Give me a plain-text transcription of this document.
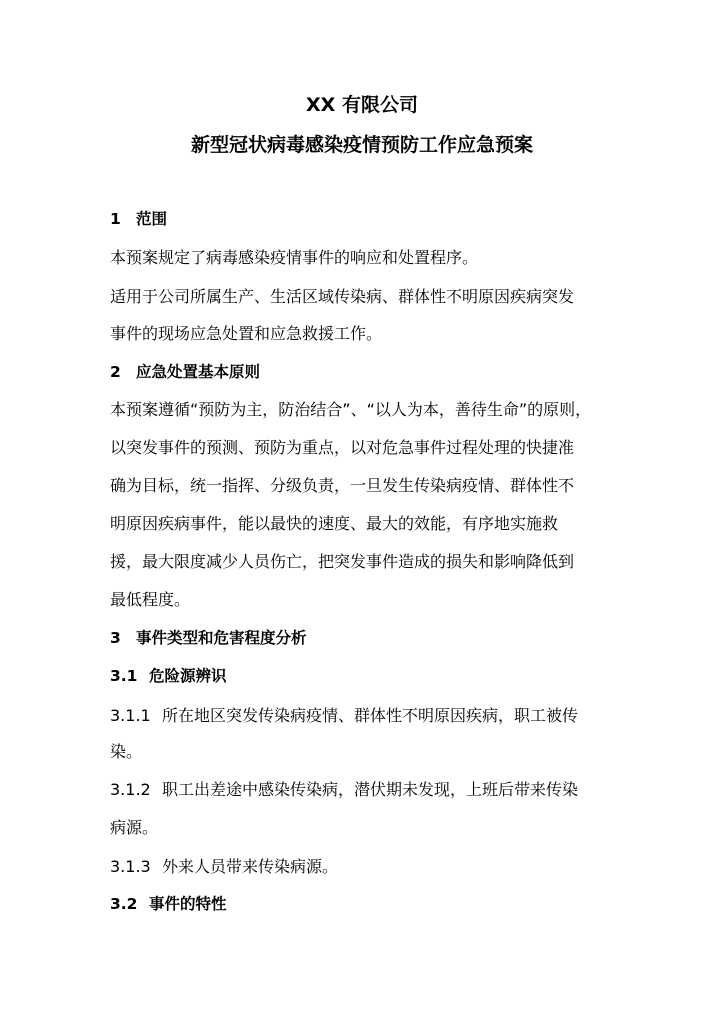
XX 有限公司
新型冠状病毒感染疫情预防工作应急预案
1 范围

本预案规定了病毒感染疫情事件的响应和处置程序。

适用于公司所属生产、生活区域传染病、群体性不明原因疾病突发

事件的现场应急处置和应急救援工作。

2 应急处置基本原则

本预案遵循“预防为主，防治结合”、“以人为本，善待生命”的原则，

以突发事件的预测、预防为重点，以对危急事件过程处理的快捷准

确为目标，统一指挥、分级负责，一旦发生传染病疫情、群体性不

明原因疾病事件，能以最快的速度、最大的效能，有序地实施救

援，最大限度减少人员伤亡，把突发事件造成的损失和影响降低到

最低程度。

3 事件类型和危害程度分析
3.1 危险源辨识
3.1.1 所在地区突发传染病疫情、群体性不明原因疾病，职工被传

染。

3.1.2 职工出差途中感染传染病，潜伏期未发现，上班后带来传染

病源。

3.1.3 外来人员带来传染病源。
3.2 事件的特性
